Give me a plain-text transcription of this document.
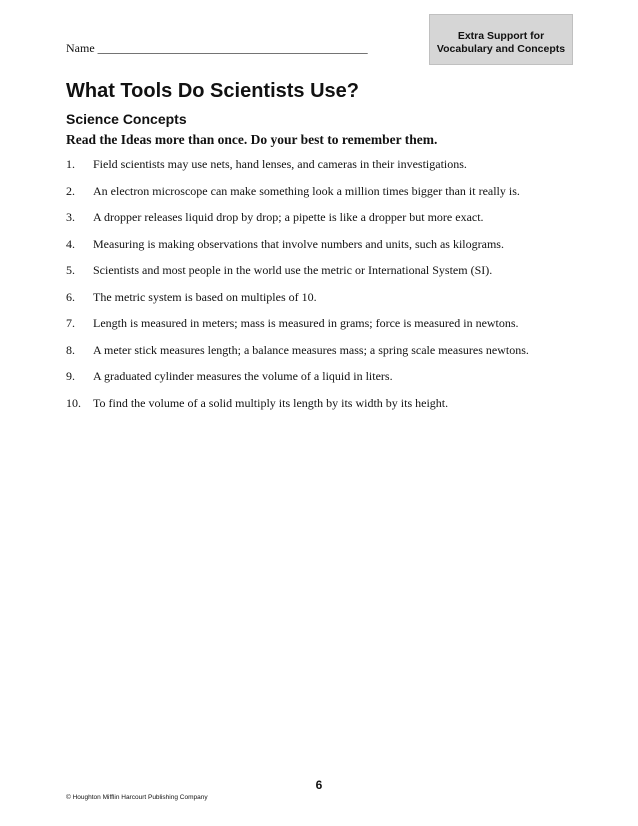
Name _____________________________________________
Extra Support for
Vocabulary and Concepts
What Tools Do Scientists Use?
Science Concepts

Read the Ideas more than once. Do your best to remember them.

1.	Field scientists may use nets, hand lenses, and cameras in their investigations.
2.	An electron microscope can make something look a million times bigger than it really is.
3.	A dropper releases liquid drop by drop; a pipette is like a dropper but more exact.
4.	Measuring is making observations that involve numbers and units, such as kilograms.
5.	Scientists and most people in the world use the metric or International System (SI).
6.	The metric system is based on multiples of 10.
7.	Length is measured in meters; mass is measured in grams; force is measured in newtons.
8.	A meter stick measures length; a balance measures mass; a spring scale measures newtons.
9.	A graduated cylinder measures the volume of a liquid in liters.
10.	To find the volume of a solid multiply its length by its width by its height.
6
© Houghton Mifflin Harcourt Publishing Company
